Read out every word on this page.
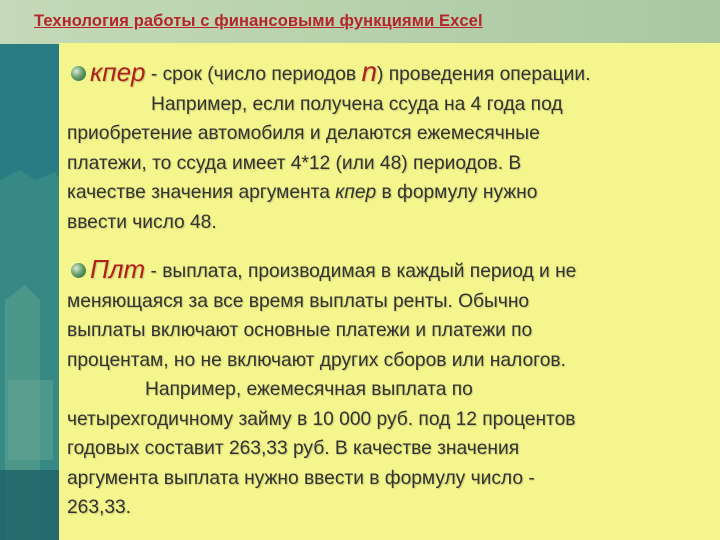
Технология работы с финансовыми функциями Excel

кпер - срок (число периодов n) проведения операции.
Например, если получена ссуда на 4 года под
приобретение автомобиля и делаются ежемесячные
платежи, то ссуда имеет 4*12 (или 48) периодов. В
качестве значения аргумента кпер в формулу нужно
ввести число 48.

Плт - выплата, производимая в каждый период и не
меняющаяся за все время выплаты ренты. Обычно
выплаты включают основные платежи и платежи по
процентам, но не включают других сборов или налогов.
Например, ежемесячная выплата по
четырехгодичному займу в 10 000 руб. под 12 процентов
годовых составит 263,33 руб. В качестве значения
аргумента выплата нужно ввести в формулу число -
263,33.
